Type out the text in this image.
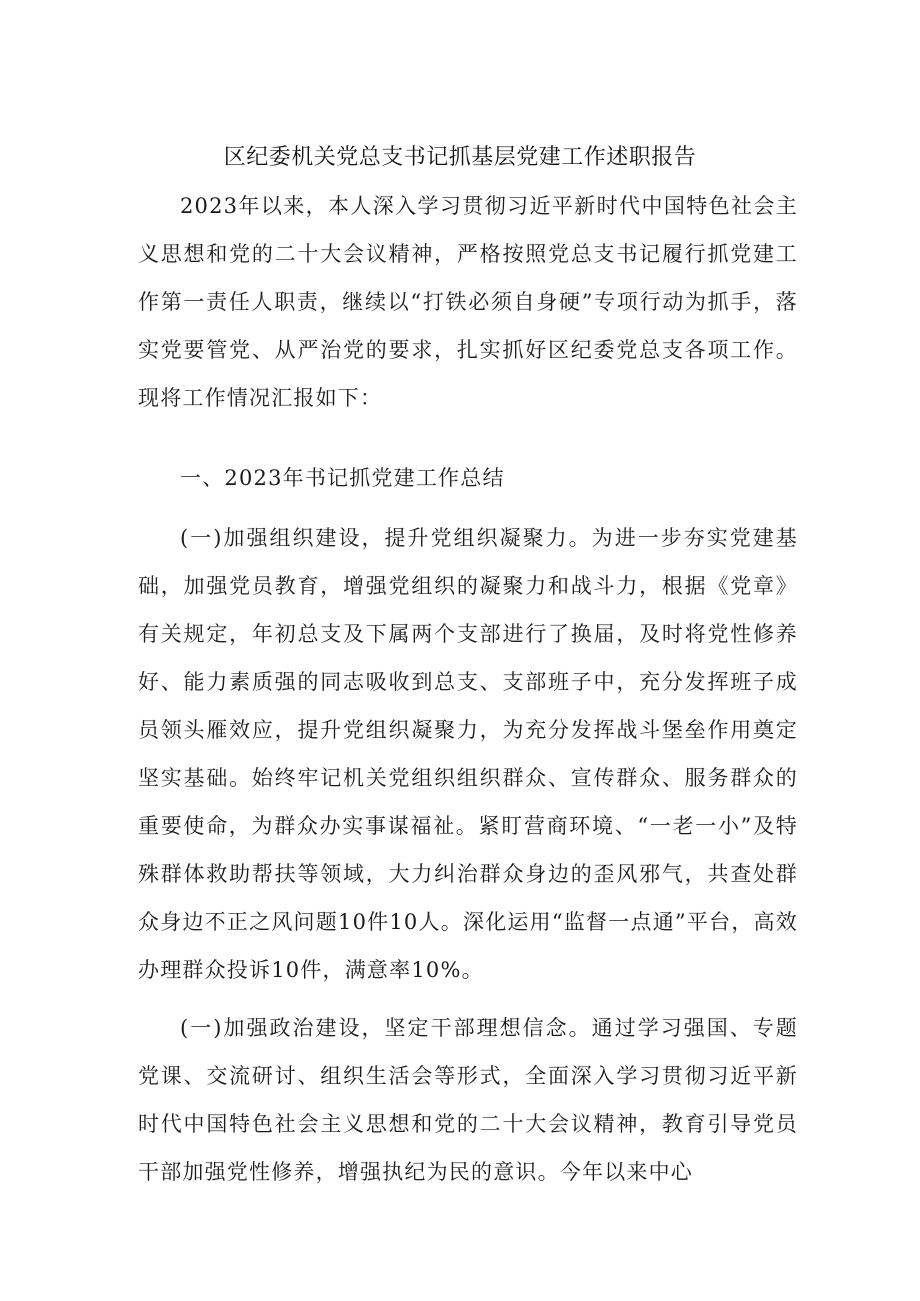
区纪委机关党总支书记抓基层党建工作述职报告

2023年以来，本人深入学习贯彻习近平新时代中国特色社会主义思想和党的二十大会议精神，严格按照党总支书记履行抓党建工作第一责任人职责，继续以“打铁必须自身硬”专项行动为抓手，落实党要管党、从严治党的要求，扎实抓好区纪委党总支各项工作。现将工作情况汇报如下：

一、2023年书记抓党建工作总结

(一)加强组织建设，提升党组织凝聚力。为进一步夯实党建基础，加强党员教育，增强党组织的凝聚力和战斗力，根据《党章》有关规定，年初总支及下属两个支部进行了换届，及时将党性修养好、能力素质强的同志吸收到总支、支部班子中，充分发挥班子成员领头雁效应，提升党组织凝聚力，为充分发挥战斗堡垒作用奠定坚实基础。始终牢记机关党组织组织群众、宣传群众、服务群众的重要使命，为群众办实事谋福祉。紧盯营商环境、“一老一小”及特殊群体救助帮扶等领域，大力纠治群众身边的歪风邪气，共查处群众身边不正之风问题10件10人。深化运用“监督一点通”平台，高效办理群众投诉10件，满意率10%。

(一)加强政治建设，坚定干部理想信念。通过学习强国、专题党课、交流研讨、组织生活会等形式，全面深入学习贯彻习近平新时代中国特色社会主义思想和党的二十大会议精神，教育引导党员干部加强党性修养，增强执纪为民的意识。今年以来中心
